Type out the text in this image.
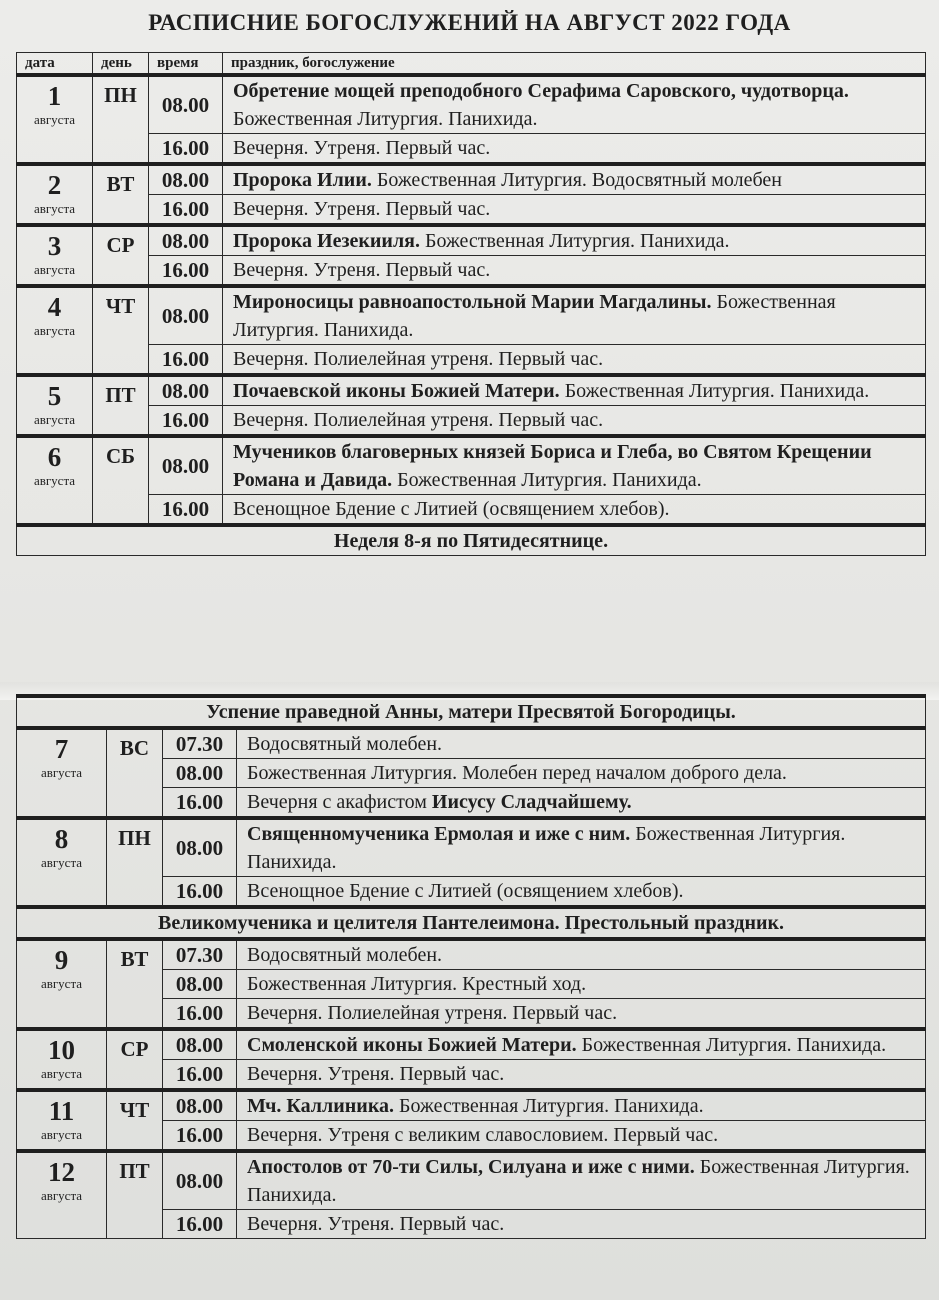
РАСПИСНИЕ БОГОСЛУЖЕНИЙ НА АВГУСТ 2022 ГОДА
дата	день	время	праздник, богослужение

1
августа	ПН	08.00	Обретение мощей преподобного Серафима Саровского, чудотворца. Божественная Литургия. Панихида.
		16.00	Вечерня. Утреня. Первый час.

2
августа	ВТ	08.00	Пророка Илии. Божественная Литургия. Водосвятный молебен
		16.00	Вечерня. Утреня. Первый час.

3
августа	СР	08.00	Пророка Иезекииля. Божественная Литургия. Панихида.
		16.00	Вечерня. Утреня. Первый час.

4
августа	ЧТ	08.00	Мироносицы равноапостольной Марии Магдалины. Божественная Литургия. Панихида.
		16.00	Вечерня. Полиелейная утреня. Первый час.

5
августа	ПТ	08.00	Почаевской иконы Божией Матери. Божественная Литургия. Панихида.
		16.00	Вечерня. Полиелейная утреня. Первый час.

6
августа	СБ	08.00	Мучеников благоверных князей Бориса и Глеба, во Святом Крещении Романа и Давида. Божественная Литургия. Панихида.
		16.00	Всенощное Бдение с Литией (освящением хлебов).
Неделя 8-я по Пятидесятнице.			
Успение праведной Анны, матери Пресвятой Богородицы.			

7
августа	ВС	07.30	Водосвятный молебен.
		08.00	Божественная Литургия. Молебен перед началом доброго дела.
		16.00	Вечерня с акафистом Иисусу Сладчайшему.

8
августа	ПН	08.00	Священномученика Ермолая и иже с ним. Божественная Литургия. Панихида.
		16.00	Всенощное Бдение с Литией (освящением хлебов).
Великомученика и целителя Пантелеимона. Престольный праздник.			

9
августа	ВТ	07.30	Водосвятный молебен.
		08.00	Божественная Литургия. Крестный ход.
		16.00	Вечерня. Полиелейная утреня. Первый час.

10
августа	СР	08.00	Смоленской иконы Божией Матери. Божественная Литургия. Панихида.
		16.00	Вечерня. Утреня. Первый час.

11
августа	ЧТ	08.00	Мч. Каллиника. Божественная Литургия. Панихида.
		16.00	Вечерня. Утреня с великим славословием. Первый час.

12
августа	ПТ	08.00	Апостолов от 70-ти Силы, Силуана и иже с ними. Божественная Литургия. Панихида.
		16.00	Вечерня. Утреня. Первый час.
